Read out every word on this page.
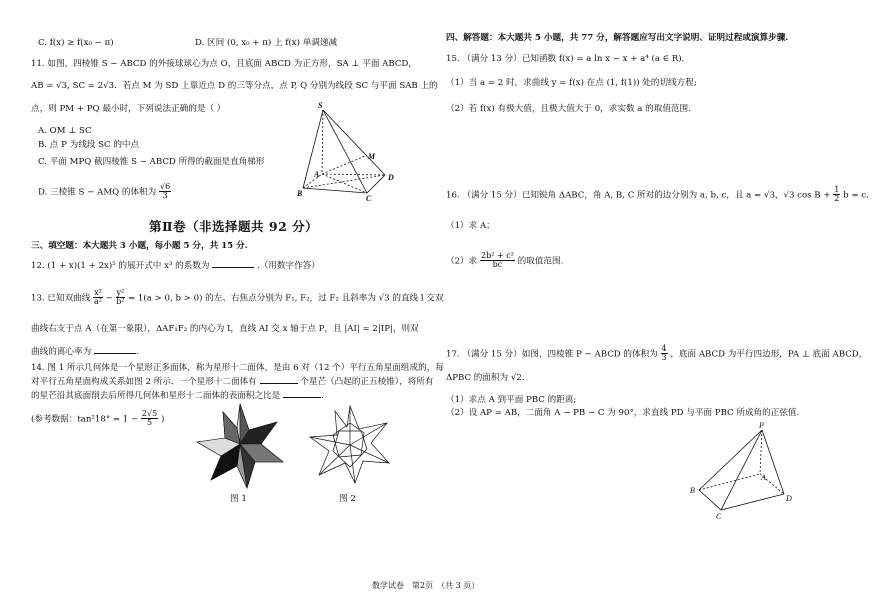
C. f(x) ≥ f(x₀ − π)	D. 区间 (0, x₀ + π) 上 f(x) 单调递减
11. 如图，四棱锥 S − ABCD 的外接球球心为点 O，且底面 ABCD 为正方形，SA ⊥ 平面 ABCD，
AB = √3, SC = 2√3．若点 M 为 SD 上靠近点 D 的三等分点，点 P, Q 分别为线段 SC 与平面 SAB 上的
点，则 PM + PQ 最小时，下列说法正确的是（ ）
A. OM ⊥ SC
B. 点 P 为线段 SC 的中点
C. 平面 MPQ 截四棱锥 S − ABCD 所得的截面是直角梯形
D. 三棱锥 S − AMQ 的体积为 $\frac{√6}{3}$
S
M
A	D
B
C
第Ⅱ卷（非选择题共 92 分）
三、填空题：本大题共 3 小题，每小题 5 分，共 15 分.
12. (1 + x)(1 + 2x)⁵ 的展开式中 x³ 的系数为	.（用数字作答）
13. 已知双曲线 $\frac{\text{x²}}{\text{a²}} - \frac{\text{y²}}{\text{b²}} = 1(a > 0$, b > 0) 的左、右焦点分别为 F₁, F₂，过 F₂ 且斜率为 √3 的直线 l 交双
曲线右支于点 A（在第一象限），ΔAF₁F₂ 的内心为 I，直线 AI 交 x 轴于点 P，且 |AI| = 2|IP|，则双
曲线的离心率为	.
14. 图 1 所示几何体是一个星形正多面体，称为星形十二面体，是由 6 对（12 个）平行五角星面组成的，每
对平行五角星面构成关系如图 2 所示．一个星形十二面体有	个星芒（凸起的正五棱锥），将所有
的星芒沿其底面削去后所得几何体和星形十二面体的表面积之比是	.
(参考数据：$\tan^218^\circ = 1 - \frac{2√5}{5}$ )
图 1	图 2
四、解答题：本大题共 5 小题，共 77 分，解答题应写出文字说明、证明过程或演算步骤.
15. （满分 13 分）已知函数 f(x) = a ln x − x + a⁴ (a ∈ R)．
（1）当 a = 2 时，求曲线 y = f(x) 在点 (1, f(1)) 处的切线方程;
（2）若 f(x) 有极大值，且极大值大于 0，求实数 a 的取值范围.
16. （满分 15 分）已知锐角 ΔABC，角 A, B, C 所对的边分别为 a, b, c，且 a = √3，√3 $\cos B + \frac{1}{2}$ b = c．
（1）求 A；
（2）求 $\frac{\text{2b² + c²}}{bc}$ 的取值范围.
17. （满分 15 分）如图，四棱锥 P − ABCD 的体积为 $\frac{4}{3}$ ，底面 ABCD 为平行四边形，PA ⊥ 底面 ABCD，
ΔPBC 的面积为 √2．
（1）求点 A 到平面 PBC 的距离;
（2）设 AP = AB，二面角 A − PB − C 为 90°，求直线 PD 与平面 PBC 所成角的正弦值.
P
A
B
D
C
数学试卷　第2页　（共 3 页）
